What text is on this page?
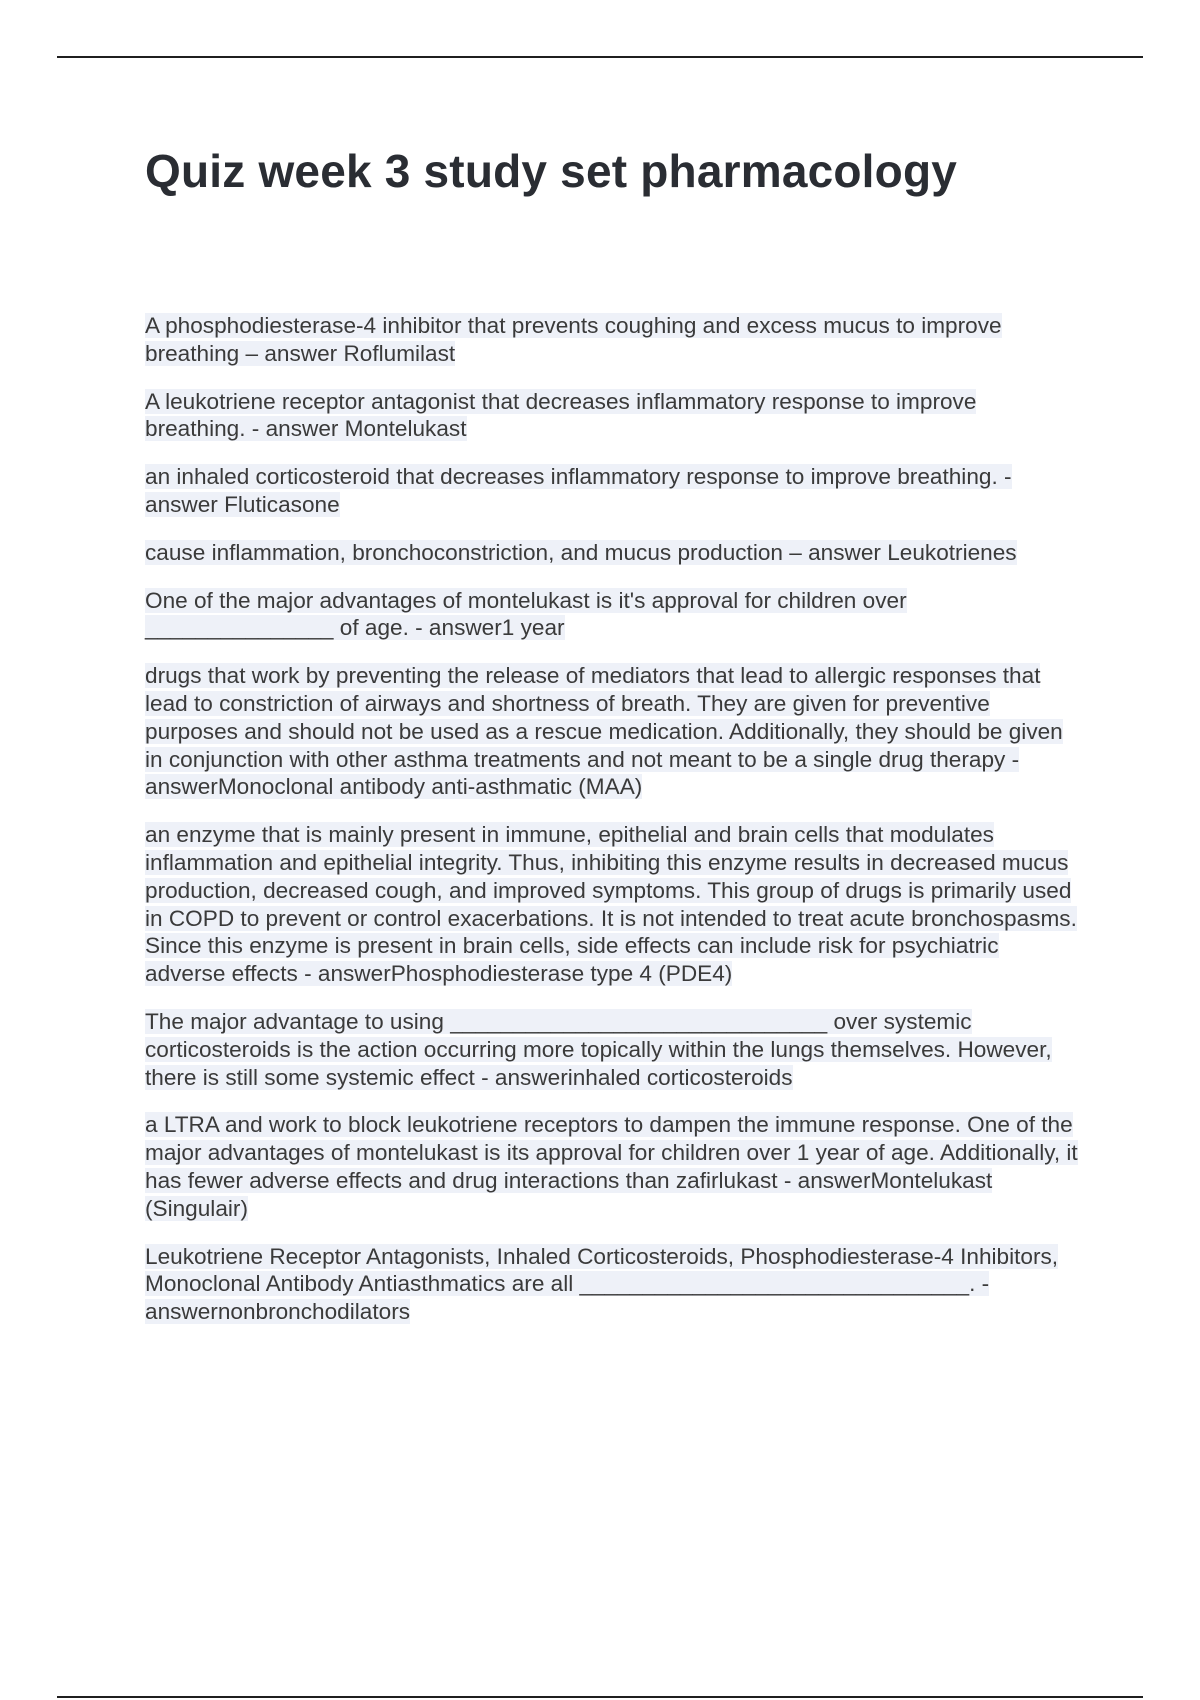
Quiz week 3 study set pharmacology

A phosphodiesterase-4 inhibitor that prevents coughing and excess mucus to improve breathing – answer Roflumilast

A leukotriene receptor antagonist that decreases inflammatory response to improve breathing. - answer Montelukast

an inhaled corticosteroid that decreases inflammatory response to improve breathing. - answer Fluticasone

cause inflammation, bronchoconstriction, and mucus production – answer Leukotrienes

One of the major advantages of montelukast is it's approval for children over _______________ of age. - answer1 year

drugs that work by preventing the release of mediators that lead to allergic responses that lead to constriction of airways and shortness of breath. They are given for preventive purposes and should not be used as a rescue medication. Additionally, they should be given in conjunction with other asthma treatments and not meant to be a single drug therapy - answerMonoclonal antibody anti-asthmatic (MAA)

an enzyme that is mainly present in immune, epithelial and brain cells that modulates inflammation and epithelial integrity. Thus, inhibiting this enzyme results in decreased mucus production, decreased cough, and improved symptoms. This group of drugs is primarily used in COPD to prevent or control exacerbations. It is not intended to treat acute bronchospasms. Since this enzyme is present in brain cells, side effects can include risk for psychiatric adverse effects - answerPhosphodiesterase type 4 (PDE4)

The major advantage to using ______________________________ over systemic corticosteroids is the action occurring more topically within the lungs themselves. However, there is still some systemic effect - answerinhaled corticosteroids

a LTRA and work to block leukotriene receptors to dampen the immune response. One of the major advantages of montelukast is its approval for children over 1 year of age. Additionally, it has fewer adverse effects and drug interactions than zafirlukast - answerMontelukast (Singulair)

Leukotriene Receptor Antagonists, Inhaled Corticosteroids, Phosphodiesterase-4 Inhibitors, Monoclonal Antibody Antiasthmatics are all _______________________________. - answernonbronchodilators
